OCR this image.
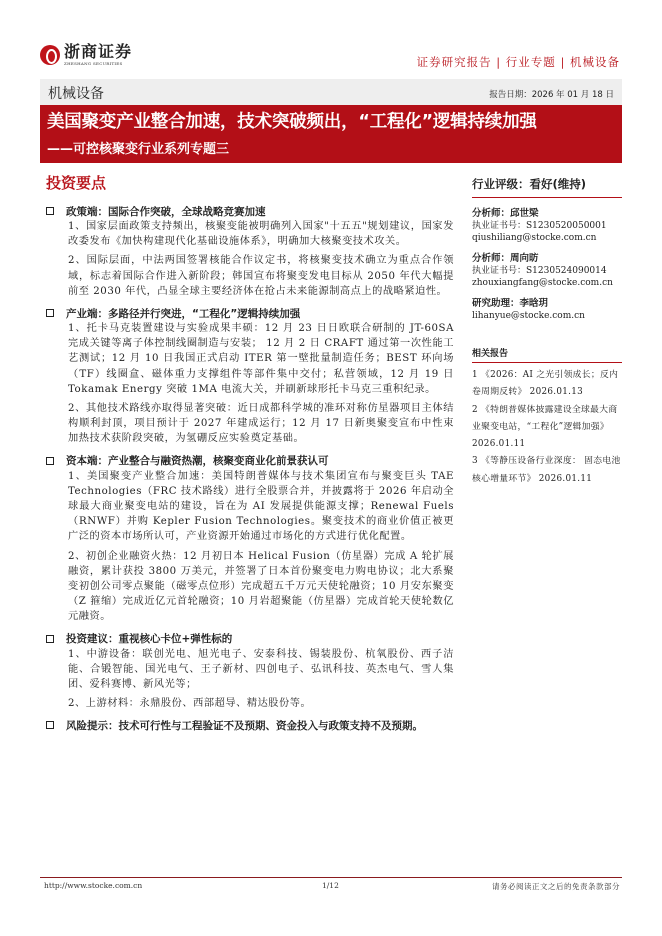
浙商证券
ZHESHANG SECURITIES	证券研究报告 | 行业专题 | 机械设备
机械设备	报告日期：2026 年 01 月 18 日
美国聚变产业整合加速，技术突破频出，“工程化”逻辑持续加强
——可控核聚变行业系列专题三
投资要点
政策端：国际合作突破，全球战略竞赛加速

1、国家层面政策支持频出，核聚变能被明确列入国家"十五五"规划建议，国家发改委发布《加快构建现代化基础设施体系》，明确加大核聚变技术攻关。

2、国际层面，中法两国签署核能合作议定书，将核聚变技术确立为重点合作领域，标志着国际合作进入新阶段；韩国宣布将聚变发电目标从 2050 年代大幅提前至 2030 年代，凸显全球主要经济体在抢占未来能源制高点上的战略紧迫性。

产业端：多路径并行突进，“工程化”逻辑持续加强

1、托卡马克装置建设与实验成果丰硕：12 月 23 日日欧联合研制的 JT-60SA 完成关键等离子体控制线圈制造与安装； 12 月 2 日 CRAFT 通过第一次性能工艺测试；12 月 10 日我国正式启动 ITER 第一壁批量制造任务；BEST 环向场（TF）线圈盒、磁体重力支撑组件等部件集中交付；私营领域，12 月 19 日 Tokamak Energy 突破 1MA 电流大关，并刷新球形托卡马克三重积纪录。

2、其他技术路线亦取得显著突破：近日成都科学城的准环对称仿星器项目主体结构顺利封顶，项目预计于 2027 年建成运行；12 月 17 日新奥聚变宣布中性束加热技术获阶段突破，为氢硼反应实验奠定基础。

资本端：产业整合与融资热潮，核聚变商业化前景获认可

1、美国聚变产业整合加速：美国特朗普媒体与技术集团宣布与聚变巨头 TAE Technologies（FRC 技术路线）进行全股票合并，并披露将于 2026 年启动全球最大商业聚变电站的建设，旨在为 AI 发展提供能源支撑；Renewal Fuels（RNWF）并购 Kepler Fusion Technologies。聚变技术的商业价值正被更广泛的资本市场所认可，产业资源开始通过市场化的方式进行优化配置。

2、初创企业融资火热：12 月初日本 Helical Fusion（仿星器）完成 A 轮扩展融资，累计获投 3800 万美元，并签署了日本首份聚变电力购电协议；北大系聚变初创公司零点聚能（磁零点位形）完成超五千万元天使轮融资；10 月安东聚变（Z 箍缩）完成近亿元首轮融资；10 月岩超聚能（仿星器）完成首轮天使轮数亿元融资。

投资建议：重视核心卡位+弹性标的

1、中游设备：联创光电、旭光电子、安泰科技、锡装股份、杭氧股份、西子洁能、合锻智能、国光电气、王子新材、四创电子、弘讯科技、英杰电气、雪人集团、爱科赛博、新风光等；

2、上游材料：永鼎股份、西部超导、精达股份等。

风险提示：技术可行性与工程验证不及预期、资金投入与政策支持不及预期。
行业评级：看好(维持)
分析师：邱世梁
执业证书号：S1230520050001
qiushiliang@stocke.com.cn
分析师：周向昉
执业证书号：S1230524090014
zhouxiangfang@stocke.com.cn
研究助理：李晗玥
lihanyue@stocke.com.cn
相关报告
1 《2026：AI 之光引领成长；反内卷周期反转》 2026.01.13
2 《特朗普媒体披露建设全球最大商业聚变电站，“工程化”逻辑加强》 2026.01.11
3 《等静压设备行业深度： 固态电池核心增量环节》 2026.01.11
http://www.stocke.com.cn	1/12	请务必阅读正文之后的免责条款部分
